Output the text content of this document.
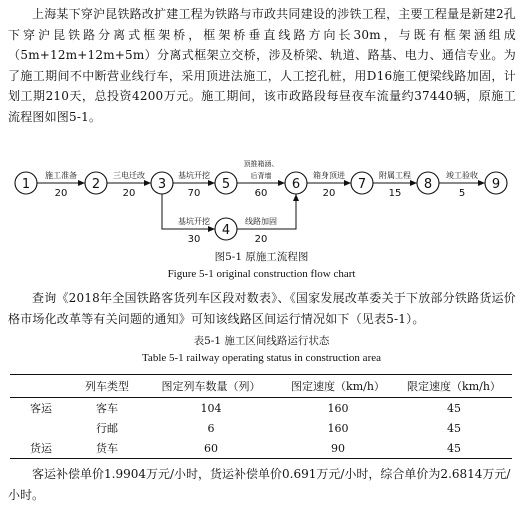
上海某下穿沪昆铁路改扩建工程为铁路与市政共同建设的涉铁工程，主要工程量是新建2孔下穿沪昆铁路分离式框架桥，框架桥垂直线路方向长30m，与既有框架涵组成（5m+12m+12m+5m）分离式框架立交桥，涉及桥梁、轨道、路基、电力、通信专业。为了施工期间不中断营业线行车，采用顶进法施工，人工挖孔桩，用D16施工便梁线路加固，计划工期210天，总投资4200万元。施工期间，该市政路段每昼夜车流量约37440辆，原施工流程图如图5-1。
施工准备
20
三电迁改
20
基坑开挖
70
顶推箱涵、
后背墙
60
箱身顶进
20
附属工程
15
竣工验收
5
基坑开挖
30
线路加固
20
1	2	3
4
5	6	7	8	9
图5-1 原施工流程图
Figure 5-1 original construction flow chart
查询《2018年全国铁路客货列车区段对数表》、《国家发展改革委关于下放部分铁路货运价格市场化改革等有关问题的通知》可知该线路区间运行情况如下（见表5-1）。
表5-1 施工区间线路运行状态
Table 5-1 railway operating status in construction area
	列车类型	图定列车数量（列）	图定速度（km/h）	限定速度（km/h）
客运	客车	104	160	45
	行邮	6	160	45
货运	货车	60	90	45
客运补偿单价1.9904万元/小时，货运补偿单价0.691万元/小时，综合单价为2.6814万元/小时。
